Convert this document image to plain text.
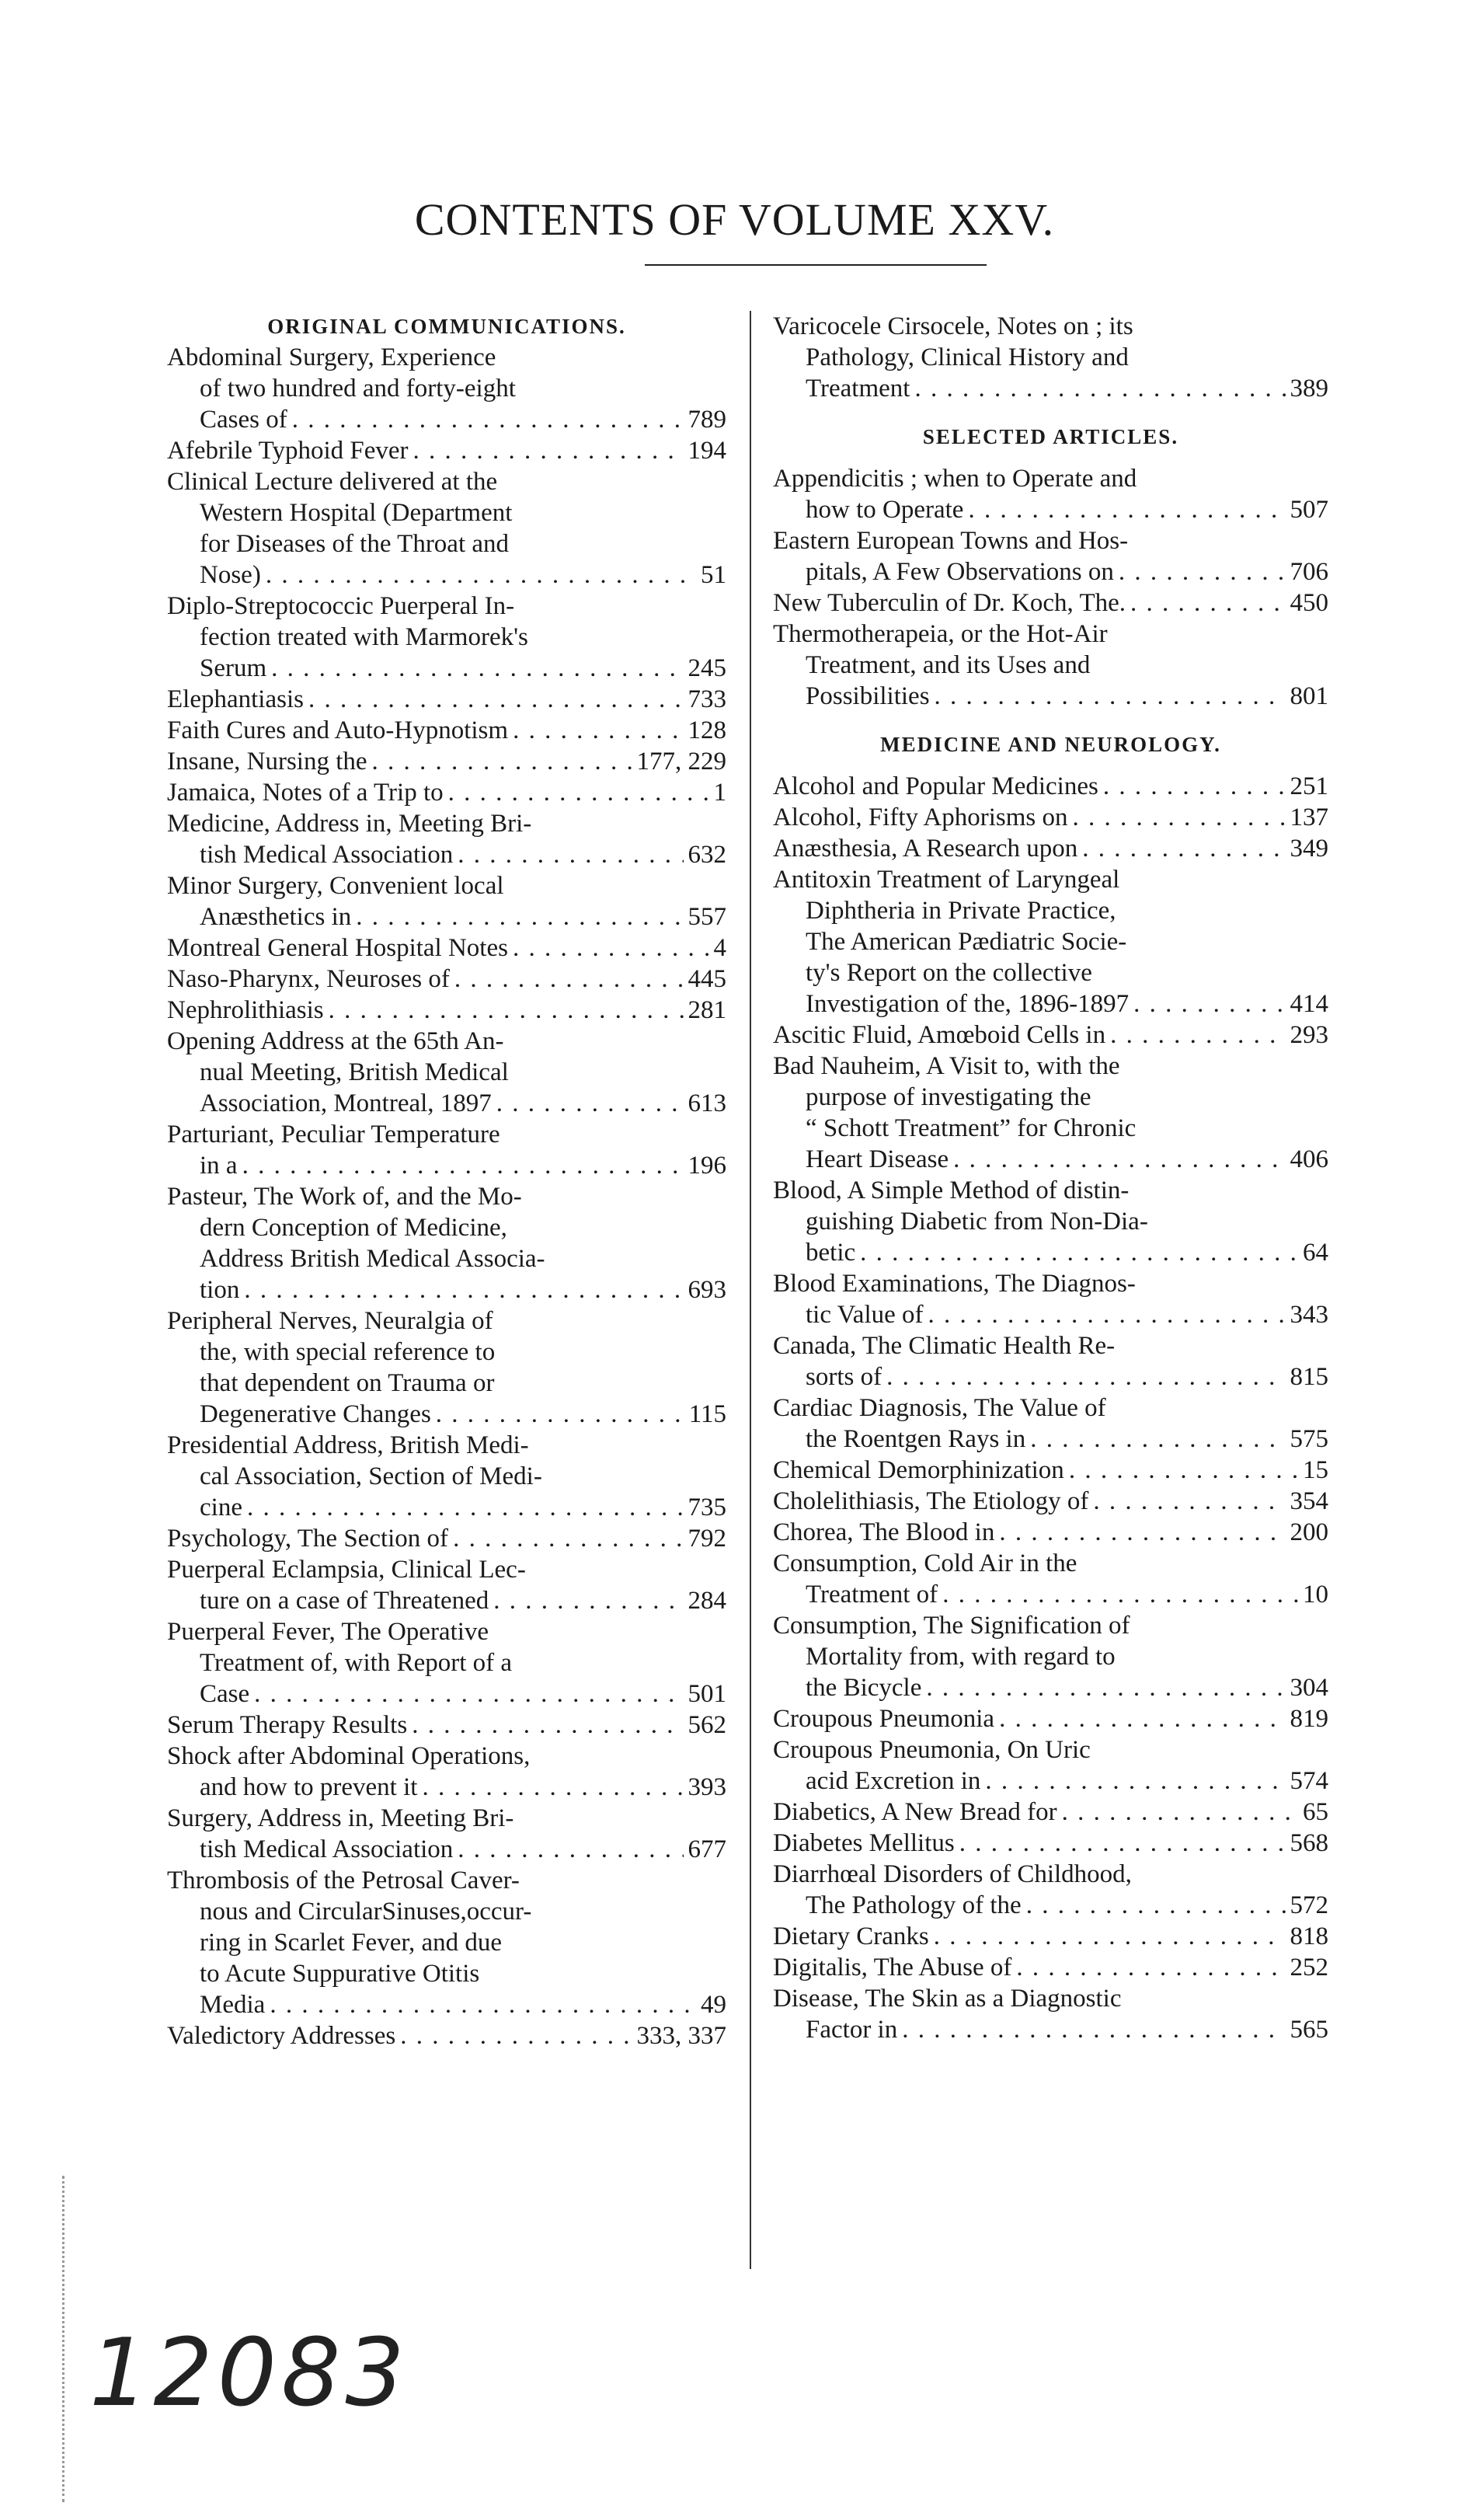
CONTENTS OF VOLUME XXV.
ORIGINAL COMMUNICATIONS.
Abdominal Surgery, Experience
of two hundred and forty-eight
Cases of . . .	789
Afebrile Typhoid Fever . . .	194
Clinical Lecture delivered at the
Western Hospital (Department
for Diseases of the Throat and
Nose) . . .	51
Diplo-Streptococcic Puerperal In-
fection treated with Marmorek's
Serum . . .	245
Elephantiasis . . .	733
Faith Cures and Auto-Hypnotism . . .	128
Insane, Nursing the . . .	177, 229
Jamaica, Notes of a Trip to . . .	1
Medicine, Address in, Meeting Bri-
tish Medical Association . . .	632
Minor Surgery, Convenient local
Anæsthetics in . . .	557
Montreal General Hospital Notes . . .	4
Naso-Pharynx, Neuroses of . . .	445
Nephrolithiasis . . .	281
Opening Address at the 65th An-
nual Meeting, British Medical
Association, Montreal, 1897 . . .	613
Parturiant, Peculiar Temperature
in a . . .	196
Pasteur, The Work of, and the Mo-
dern Conception of Medicine,
Address British Medical Associa-
tion . . .	693
Peripheral Nerves, Neuralgia of
the, with special reference to
that dependent on Trauma or
Degenerative Changes . . .	115
Presidential Address, British Medi-
cal Association, Section of Medi-
cine . . .	735
Psychology, The Section of . . .	792
Puerperal Eclampsia, Clinical Lec-
ture on a case of Threatened . . .	284
Puerperal Fever, The Operative
Treatment of, with Report of a
Case . . .	501
Serum Therapy Results . . .	562
Shock after Abdominal Operations,
and how to prevent it . . .	393
Surgery, Address in, Meeting Bri-
tish Medical Association . . .	677
Thrombosis of the Petrosal Caver-
nous and CircularSinuses,occur-
ring in Scarlet Fever, and due
to Acute Suppurative Otitis
Media . . .	49
Valedictory Addresses . . .	333, 337
Varicocele Cirsocele, Notes on ; its
Pathology, Clinical History and
Treatment . . .	389
SELECTED ARTICLES.
Appendicitis ; when to Operate and
how to Operate . . .	507
Eastern European Towns and Hos-
pitals, A Few Observations on . . .	706
New Tuberculin of Dr. Koch, The. . . .	450
Thermotherapeia, or the Hot-Air
Treatment, and its Uses and
Possibilities . . .	801
MEDICINE AND NEUROLOGY.
Alcohol and Popular Medicines . . .	251
Alcohol, Fifty Aphorisms on . . .	137
Anæsthesia, A Research upon . . .	349
Antitoxin Treatment of Laryngeal
Diphtheria in Private Practice,
The American Pædiatric Socie-
ty's Report on the collective
Investigation of the, 1896-1897 . . .	414
Ascitic Fluid, Amœboid Cells in . . .	293
Bad Nauheim, A Visit to, with the
purpose of investigating the
“ Schott Treatment” for Chronic
Heart Disease . . .	406
Blood, A Simple Method of distin-
guishing Diabetic from Non-Dia-
betic . . .	64
Blood Examinations, The Diagnos-
tic Value of . . .	343
Canada, The Climatic Health Re-
sorts of . . .	815
Cardiac Diagnosis, The Value of
the Roentgen Rays in . . .	575
Chemical Demorphinization . . .	15
Cholelithiasis, The Etiology of . . .	354
Chorea, The Blood in . . .	200
Consumption, Cold Air in the
Treatment of . . .	10
Consumption, The Signification of
Mortality from, with regard to
the Bicycle . . .	304
Croupous Pneumonia . . .	819
Croupous Pneumonia, On Uric
acid Excretion in . . .	574
Diabetics, A New Bread for . . .	65
Diabetes Mellitus . . .	568
Diarrhœal Disorders of Childhood,
The Pathology of the . . .	572
Dietary Cranks . . .	818
Digitalis, The Abuse of . . .	252
Disease, The Skin as a Diagnostic
Factor in . . .	565
12083
